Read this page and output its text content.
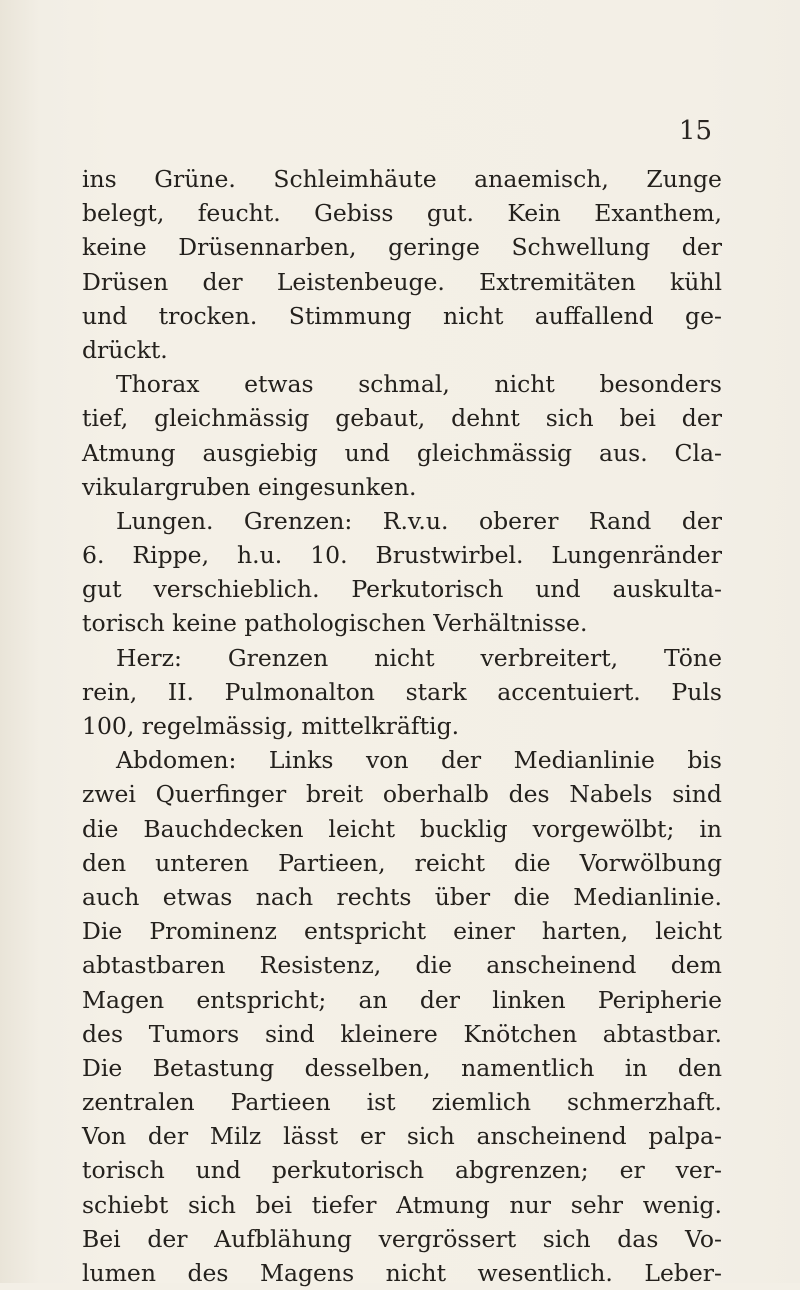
15
ins Grüne. Schleimhäute anaemisch, Zunge
belegt, feucht. Gebiss gut. Kein Exanthem,
keine Drüsennarben, geringe Schwellung der
Drüsen der Leistenbeuge. Extremitäten kühl
und trocken. Stimmung nicht auffallend ge-
drückt.
Thorax etwas schmal, nicht besonders
tief, gleichmässig gebaut, dehnt sich bei der
Atmung ausgiebig und gleichmässig aus. Cla-
vikulargruben eingesunken.
Lungen. Grenzen: R.v.u. oberer Rand der
6. Rippe, h.u. 10. Brustwirbel. Lungenränder
gut verschieblich. Perkutorisch und auskulta-
torisch keine pathologischen Verhältnisse.
Herz: Grenzen nicht verbreitert, Töne
rein, II. Pulmonalton stark accentuiert. Puls
100, regelmässig, mittelkräftig.
Abdomen: Links von der Medianlinie bis
zwei Querfinger breit oberhalb des Nabels sind
die Bauchdecken leicht bucklig vorgewölbt; in
den unteren Partieen, reicht die Vorwölbung
auch etwas nach rechts über die Medianlinie.
Die Prominenz entspricht einer harten, leicht
abtastbaren Resistenz, die anscheinend dem
Magen entspricht; an der linken Peripherie
des Tumors sind kleinere Knötchen abtastbar.
Die Betastung desselben, namentlich in den
zentralen Partieen ist ziemlich schmerzhaft.
Von der Milz lässt er sich anscheinend palpa-
torisch und perkutorisch abgrenzen; er ver-
schiebt sich bei tiefer Atmung nur sehr wenig.
Bei der Aufblähung vergrössert sich das Vo-
lumen des Magens nicht wesentlich. Leber-
